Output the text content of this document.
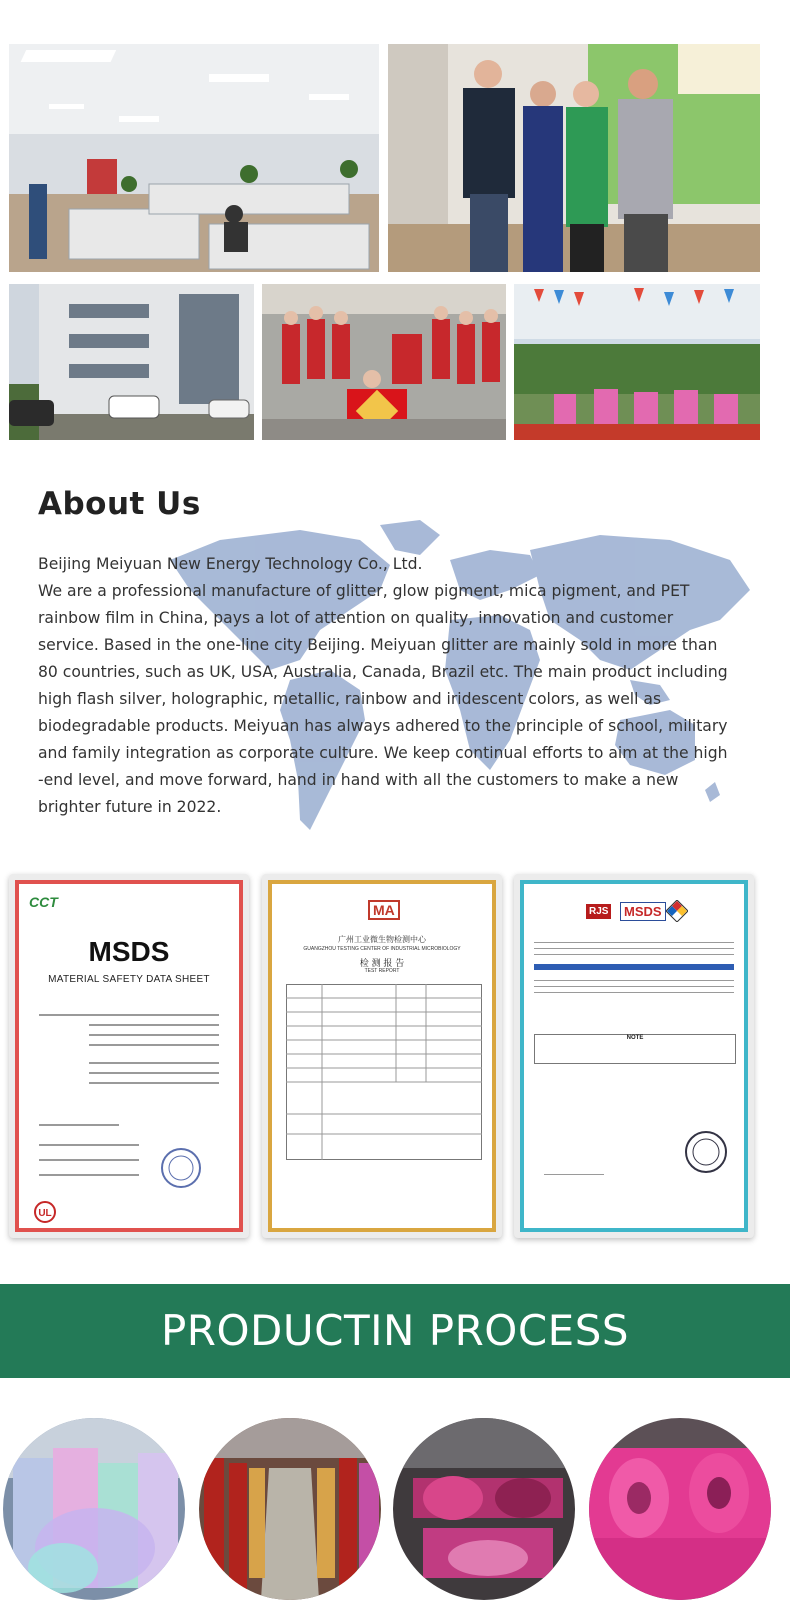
About Us

Beijing Meiyuan New Energy Technology Co., Ltd.

We are a professional manufacture of glitter, glow pigment, mica pigment, and PET

rainbow film in China, pays a lot of attention on quality, innovation and customer

service. Based in the one-line city Beijing. Meiyuan glitter are mainly sold in more than

80 countries, such as UK, USA, Australia, Canada, Brazil etc. The main product including

high flash silver, holographic, metallic, rainbow and iridescent colors, as well as

biodegradable products. Meiyuan has always adhered to the principle of school, military

and family integration as corporate culture. We keep continual efforts to aim at the high

-end level, and move forward, hand in hand with all the customers to make a new

brighter future in 2022.

CCT
MSDS
MATERIAL SAFETY DATA SHEET
UL
MA
广州工业微生物检测中心
GUANGZHOU TESTING CENTER OF INDUSTRIAL MICROBIOLOGY
检 测 报 告
TEST REPORT
RJS	MSDS
NOTE
PRODUCTIN PROCESS
